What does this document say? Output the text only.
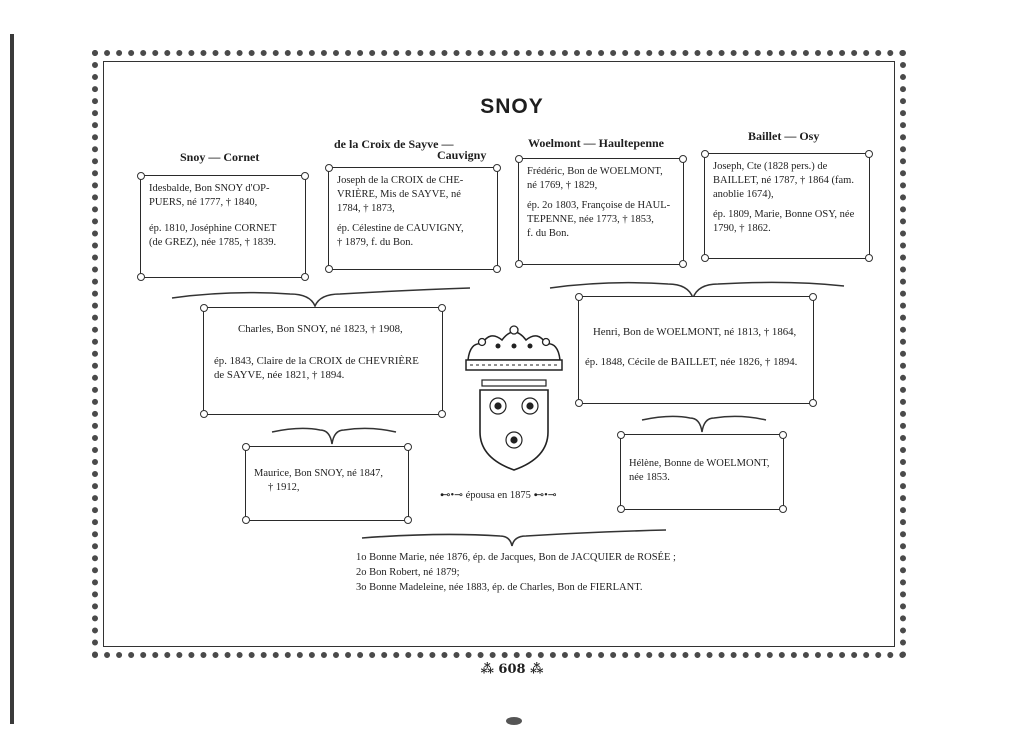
SNOY
Snoy — Cornet
de la Croix de Sayve —
Cauvigny
Woelmont — Haultepenne	Baillet — Osy

Idesbalde, Bon SNOY d'OP-

PUERS, né 1777, † 1840,

ép. 1810, Joséphine CORNET

(de GREZ), née 1785, † 1839.

Joseph de la CROIX de CHE-

VRIÈRE, Mis de SAYVE, né

1784, † 1873,

ép. Célestine de CAUVIGNY,

† 1879, f. du Bon.

Frédéric, Bon de WOELMONT,

né 1769, † 1829,

ép. 2o 1803, Françoise de HAUL-

TEPENNE, née 1773, † 1853,

f. du Bon.

Joseph, Cte (1828 pers.) de

BAILLET, né 1787, † 1864 (fam.

anoblie 1674),

ép. 1809, Marie, Bonne OSY, née

1790, † 1862.

Charles, Bon SNOY, né 1823, † 1908,

ép. 1843, Claire de la CROIX de CHEVRIÈRE

de SAYVE, née 1821, † 1894.

Henri, Bon de WOELMONT, né 1813, † 1864,

ép. 1848, Cécile de BAILLET, née 1826, † 1894.

Maurice, Bon SNOY, né 1847,

† 1912,

Hélène, Bonne de WOELMONT,

née 1853.

⊷•⊸ épousa en 1875 ⊷•⊸
1o Bonne Marie, née 1876, ép. de Jacques, Bon de JACQUIER de ROSÉE ;
2o Bon Robert, né 1879;
3o Bonne Madeleine, née 1883, ép. de Charles, Bon de FIERLANT.
⁂ 608 ⁂
